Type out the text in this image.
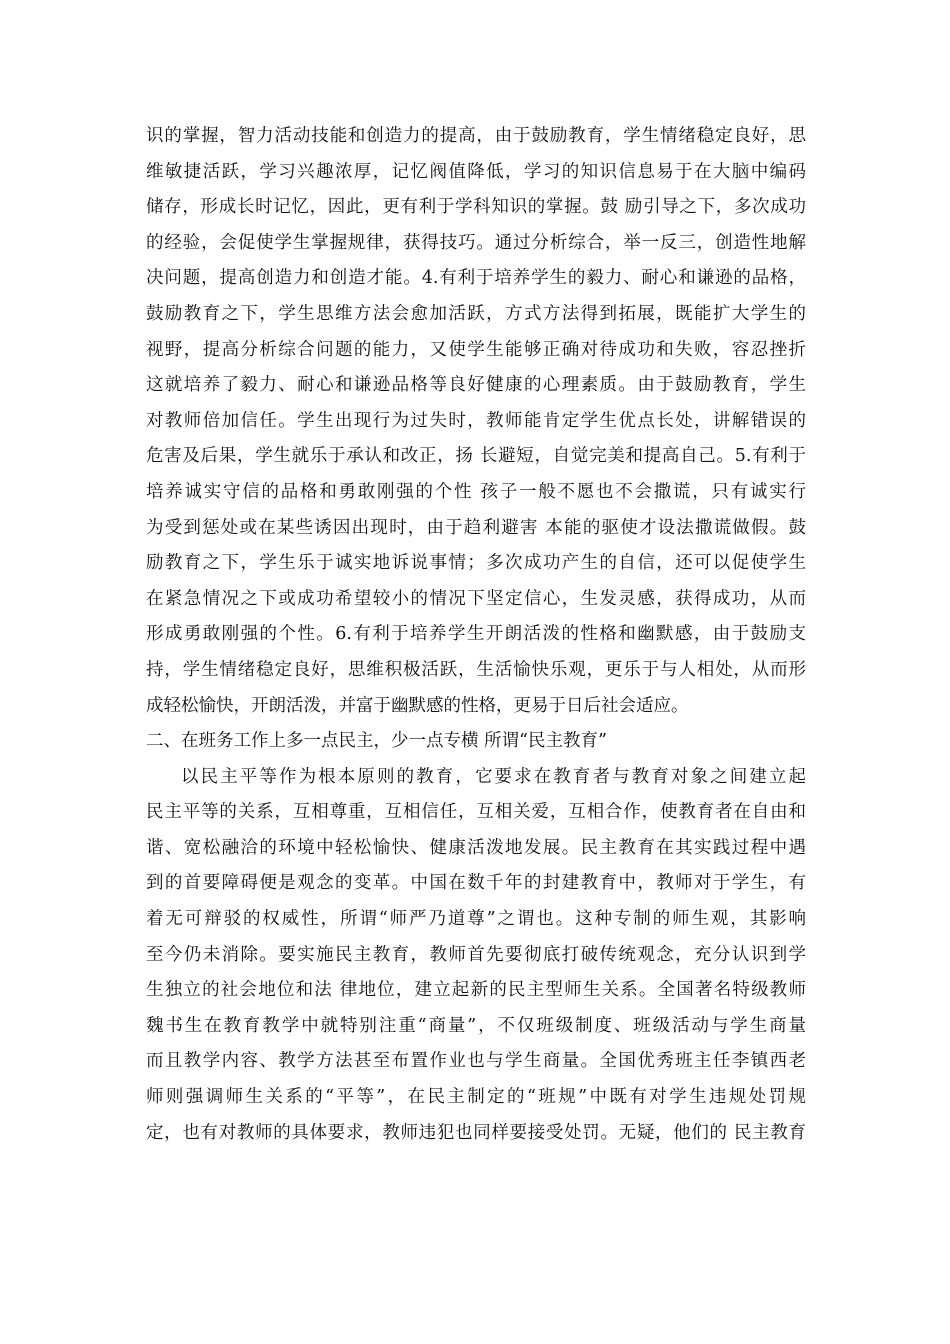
识的掌握，智力活动技能和创造力的提高，由于鼓励教育，学生情绪稳定良好，思
维敏捷活跃，学习兴趣浓厚，记忆阀值降低，学习的知识信息易于在大脑中编码
储存，形成长时记忆，因此，更有利于学科知识的掌握。鼓 励引导之下，多次成功
的经验，会促使学生掌握规律，获得技巧。通过分析综合，举一反三，创造性地解
决问题，提高创造力和创造才能。4.有利于培养学生的毅力、耐心和谦逊的品格，
鼓励教育之下，学生思维方法会愈加活跃，方式方法得到拓展，既能扩大学生的
视野，提高分析综合问题的能力，又使学生能够正确对待成功和失败，容忍挫折
这就培养了毅力、耐心和谦逊品格等良好健康的心理素质。由于鼓励教育，学生
对教师倍加信任。学生出现行为过失时，教师能肯定学生优点长处，讲解错误的
危害及后果，学生就乐于承认和改正，扬 长避短，自觉完美和提高自己。5.有利于
培养诚实守信的品格和勇敢刚强的个性 孩子一般不愿也不会撒谎，只有诚实行
为受到惩处或在某些诱因出现时，由于趋利避害 本能的驱使才设法撒谎做假。鼓
励教育之下，学生乐于诚实地诉说事情；多次成功产生的自信，还可以促使学生
在紧急情况之下或成功希望较小的情况下坚定信心，生发灵感，获得成功，从而
形成勇敢刚强的个性。6.有利于培养学生开朗活泼的性格和幽默感，由于鼓励支
持，学生情绪稳定良好，思维积极活跃，生活愉快乐观，更乐于与人相处，从而形
成轻松愉快，开朗活泼，并富于幽默感的性格，更易于日后社会适应。
二、在班务工作上多一点民主，少一点专横 所谓“民主教育”
以民主平等作为根本原则的教育，它要求在教育者与教育对象之间建立起
民主平等的关系，互相尊重，互相信任，互相关爱，互相合作，使教育者在自由和
谐、宽松融洽的环境中轻松愉快、健康活泼地发展。民主教育在其实践过程中遇
到的首要障碍便是观念的变革。中国在数千年的封建教育中，教师对于学生，有
着无可辩驳的权威性，所谓“师严乃道尊”之谓也。这种专制的师生观，其影响
至今仍未消除。要实施民主教育，教师首先要彻底打破传统观念，充分认识到学
生独立的社会地位和法 律地位，建立起新的民主型师生关系。全国著名特级教师
魏书生在教育教学中就特别注重“商量”，不仅班级制度、班级活动与学生商量
而且教学内容、教学方法甚至布置作业也与学生商量。全国优秀班主任李镇西老
师则强调师生关系的“平等”，在民主制定的“班规”中既有对学生违规处罚规
定，也有对教师的具体要求，教师违犯也同样要接受处罚。无疑，他们的 民主教育
